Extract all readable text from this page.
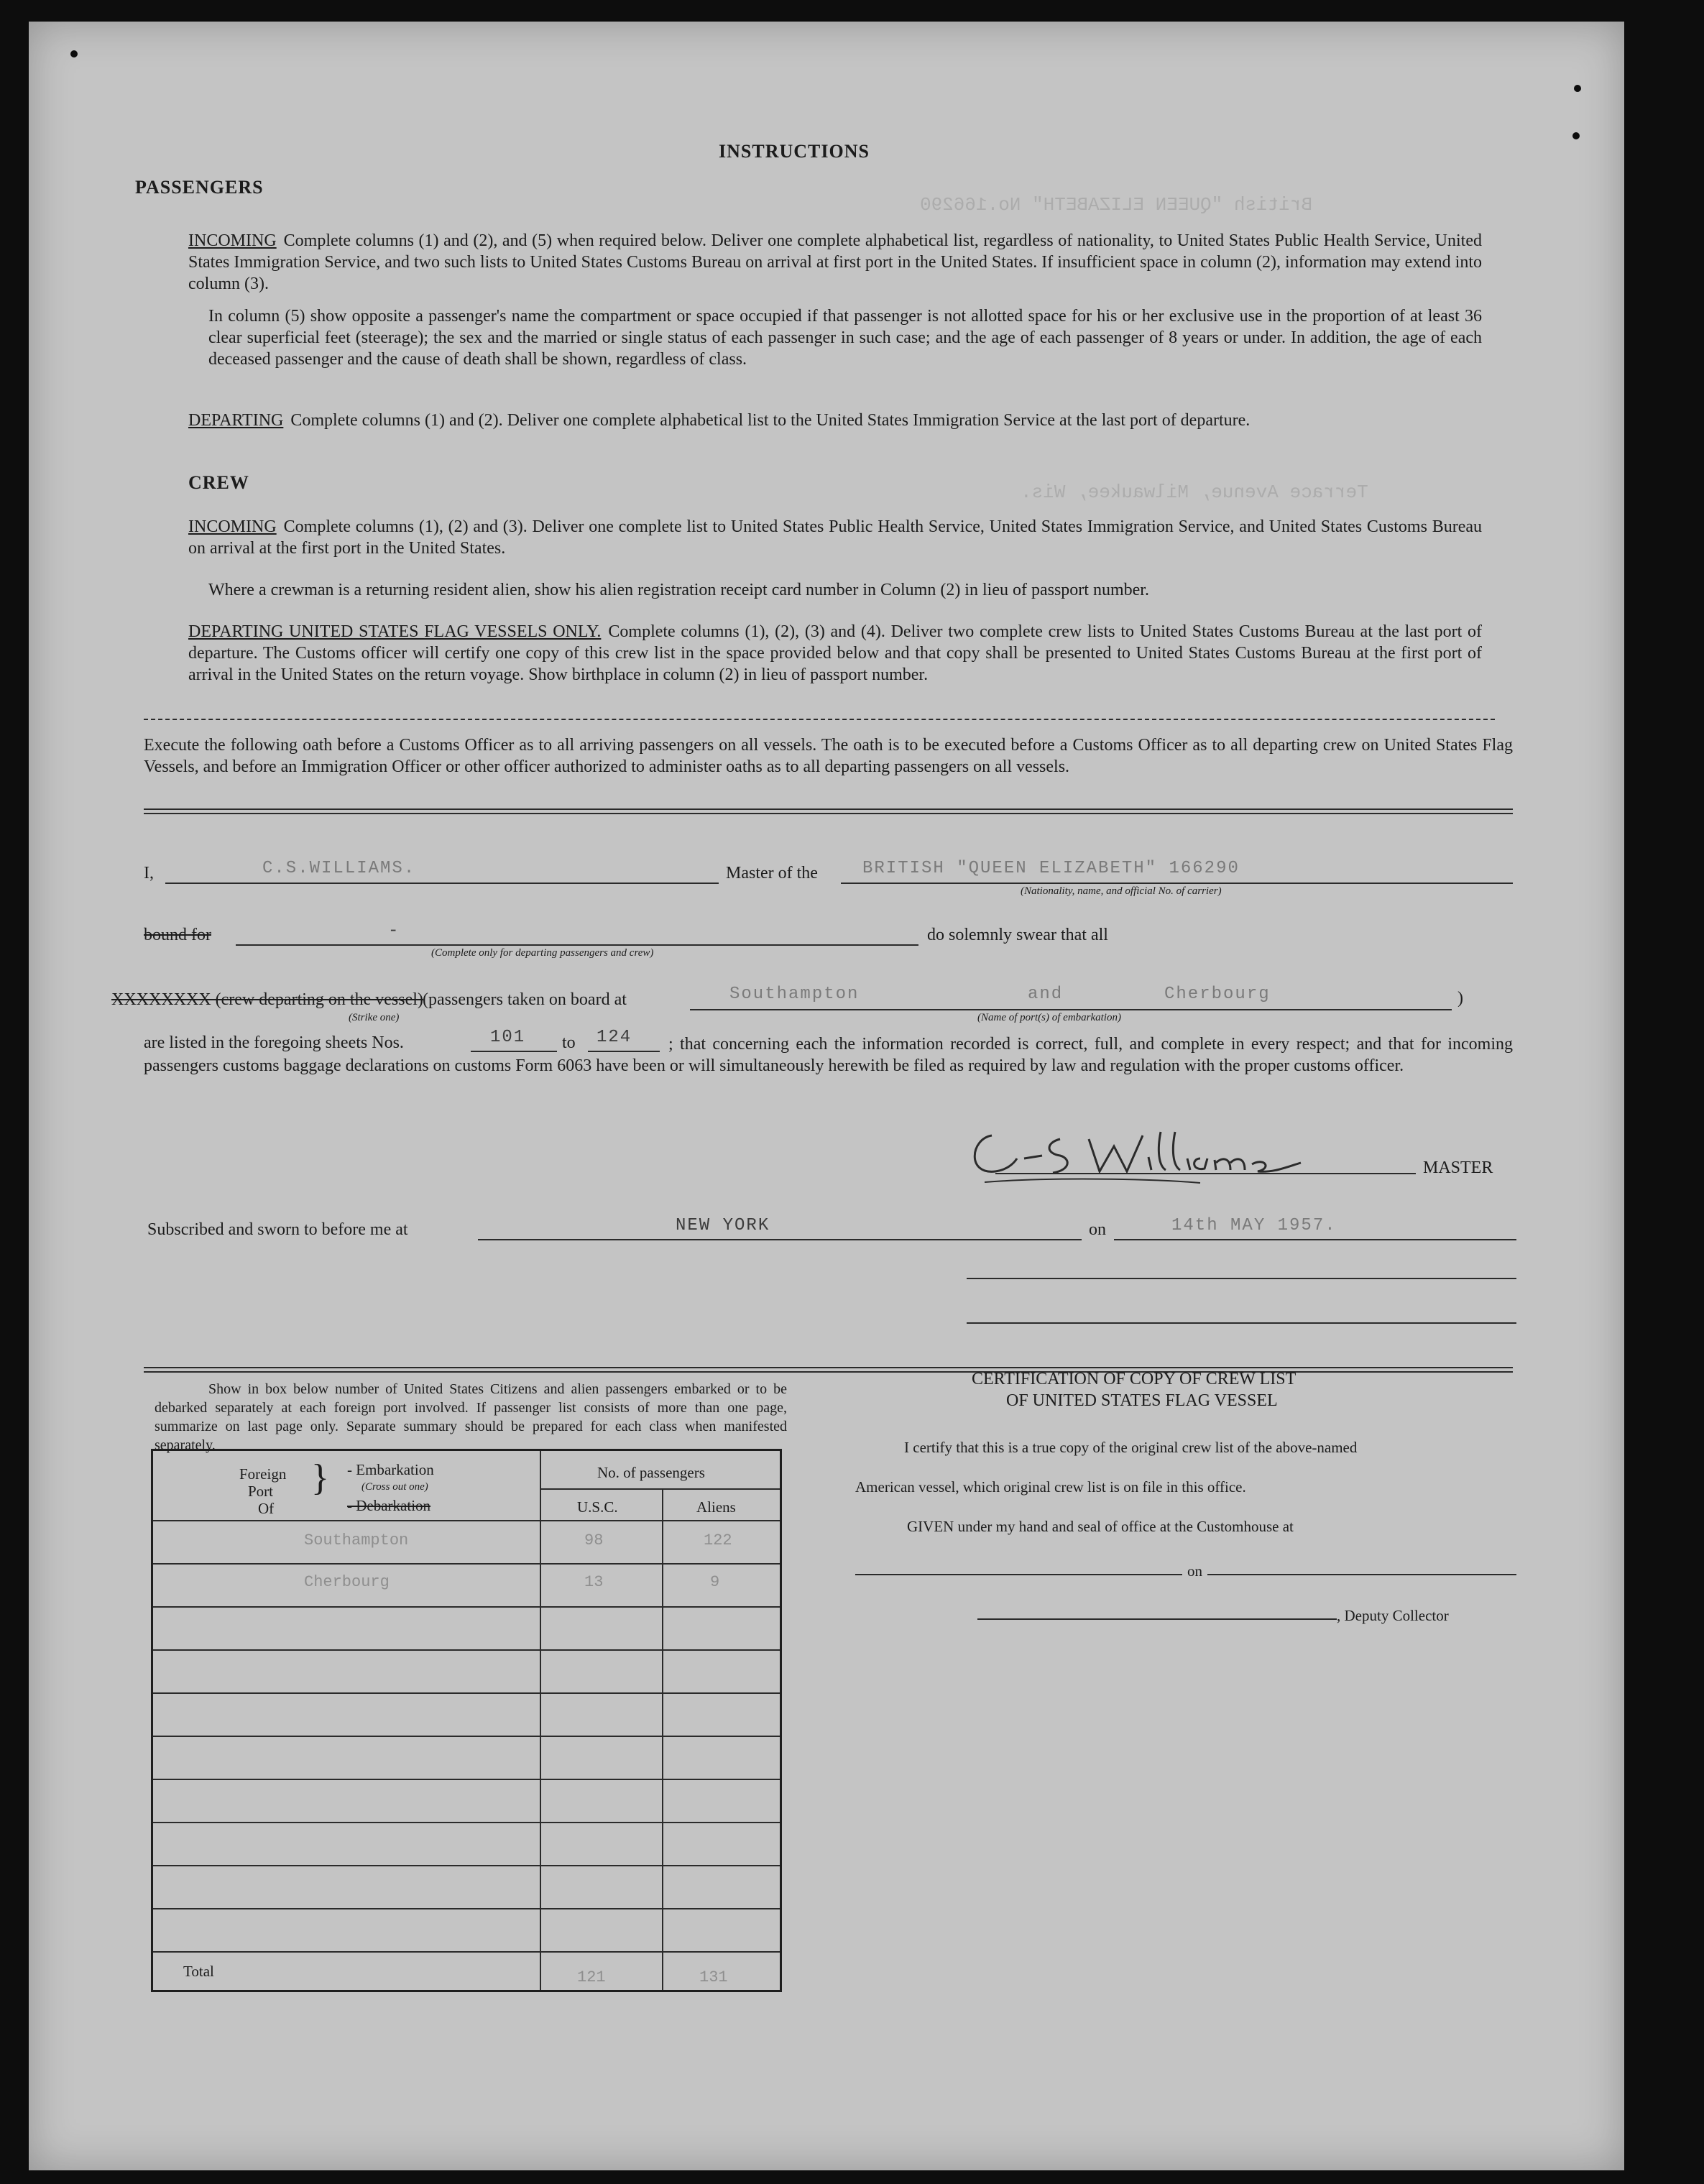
British "QUEEN ELIZABETH" No.166290
Terrace Avenue, Milwaukee, Wis.
INSTRUCTIONS
PASSENGERS
INCOMING Complete columns (1) and (2), and (5) when required below. Deliver one complete alphabetical list, regardless of nationality, to United States Public Health Service, United States Immigration Service, and two such lists to United States Customs Bureau on arrival at first port in the United States. If insufficient space in column (2), information may extend into column (3).
In column (5) show opposite a passenger's name the compartment or space occupied if that passenger is not allotted space for his or her exclusive use in the proportion of at least 36 clear superficial feet (steerage); the sex and the married or single status of each passenger in such case; and the age of each passenger of 8 years or under. In addition, the age of each deceased passenger and the cause of death shall be shown, regardless of class.
DEPARTING Complete columns (1) and (2). Deliver one complete alphabetical list to the United States Immigration Service at the last port of departure.
CREW
INCOMING Complete columns (1), (2) and (3). Deliver one complete list to United States Public Health Service, United States Immigration Service, and United States Customs Bureau on arrival at the first port in the United States.
Where a crewman is a returning resident alien, show his alien registration receipt card number in Column (2) in lieu of passport number.
DEPARTING UNITED STATES FLAG VESSELS ONLY. Complete columns (1), (2), (3) and (4). Deliver two complete crew lists to United States Customs Bureau at the last port of departure. The Customs officer will certify one copy of this crew list in the space provided below and that copy shall be presented to United States Customs Bureau at the first port of arrival in the United States on the return voyage. Show birthplace in column (2) in lieu of passport number.
Execute the following oath before a Customs Officer as to all arriving passengers on all vessels. The oath is to be executed before a Customs Officer as to all departing crew on United States Flag Vessels, and before an Immigration Officer or other officer authorized to administer oaths as to all departing passengers on all vessels.
I,	C.S.WILLIAMS.	Master of the	BRITISH "QUEEN ELIZABETH" 166290
(Nationality, name, and official No. of carrier)
bound for	-
(Complete only for departing passengers and crew)
do solemnly swear that all
XXXXXXXX (crew departing on the vessel)
(Strike one)
(passengers taken on board at	Southampton	and	Cherbourg
(Name of port(s) of embarkation)
)
are listed in the foregoing sheets Nos.	101 to 124	; that concerning each the information recorded is correct, full, and complete in every respect; and that for incoming passengers customs baggage declarations on customs Form 6063 have been or will simultaneously herewith be filed as required by law and regulation with the proper customs officer.
MASTER
Subscribed and sworn to before me at	NEW YORK	on	14th MAY 1957.
Show in box below number of United States Citizens and alien passengers embarked or to be debarked separately at each foreign port involved. If passenger list consists of more than one page, summarize on last page only. Separate summary should be prepared for each class when manifested separately.
Foreign
Port
Of
} - Embarkation
(Cross out one)
- Debarkation
No. of passengers
U.S.C.	Aliens
Southampton	98	122
Cherbourg	13	9
Total	121	131
CERTIFICATION OF COPY OF CREW LIST
OF UNITED STATES FLAG VESSEL
I certify that this is a true copy of the original crew list of the above-named
American vessel, which original crew list is on file in this office.
GIVEN under my hand and seal of office at the Customhouse at
on
, Deputy Collector
